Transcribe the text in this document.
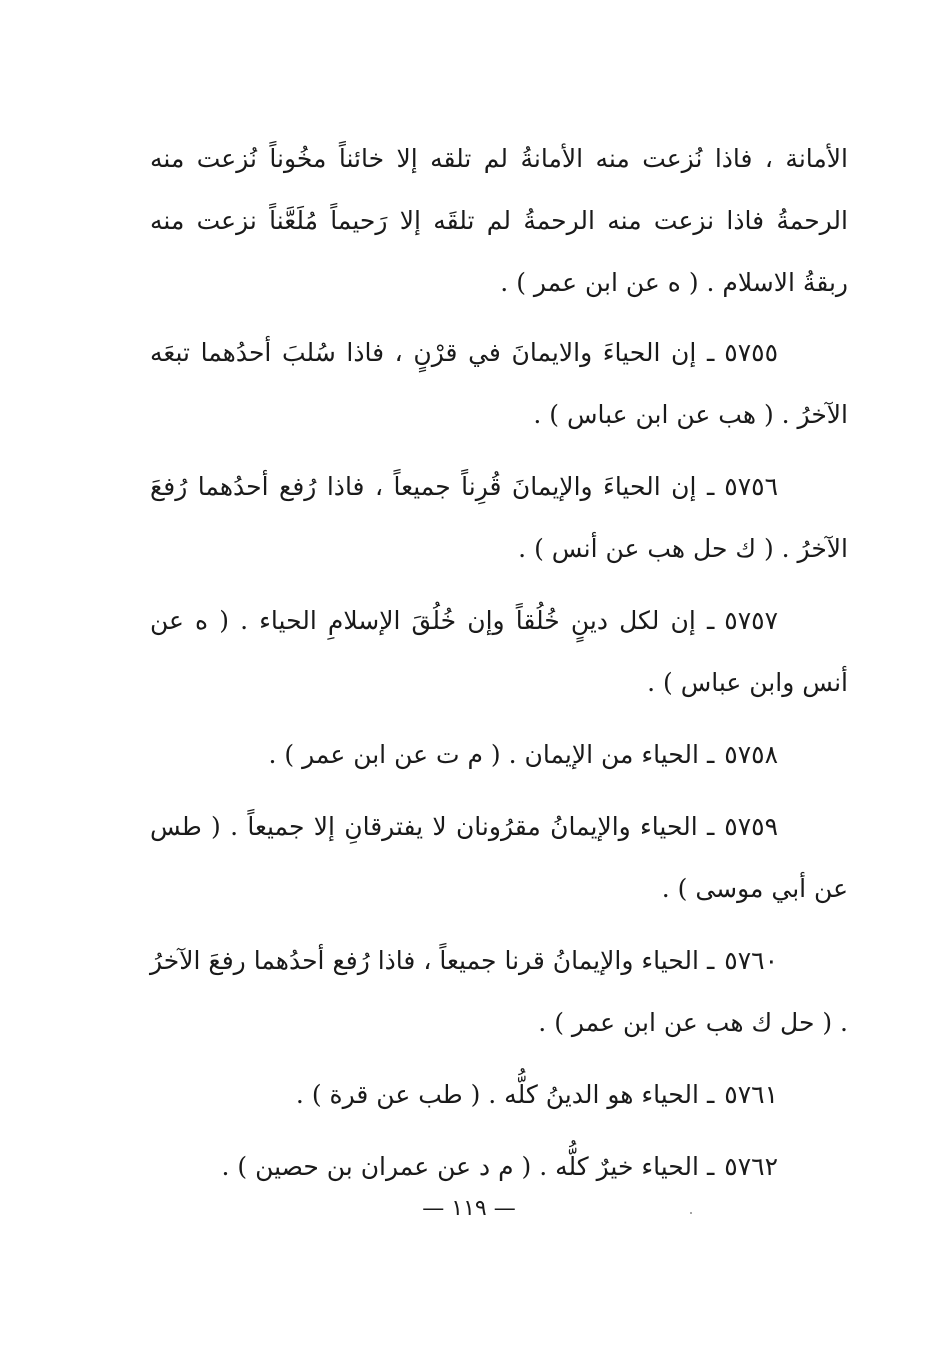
الأمانة ، فاذا نُزعت منه الأمانةُ لم تلقه إلا خائناً مخُوناً نُزعت منه الرحمةُ فاذا نزعت منه الرحمةُ لم تلقَه إلا رَحيماً مُلَعَّناً نزعت منه ربقةُ الاسلام . ( ه عن ابن عمر ) .

٥٧٥٥ـ إن الحياءَ والايمانَ في قرْنٍ ، فاذا سُلبَ أحدُهما تبعَه الآخرُ . ( هب عن ابن عباس ) .

٥٧٥٦ـ إن الحياءَ والإيمانَ قُرِناً جميعاً ، فاذا رُفع أحدُهما رُفعَ الآخرُ . ( ك حل هب عن أنس ) .

٥٧٥٧ـ إن لكل دينٍ خُلُقاً وإن خُلُقَ الإسلامِ الحياء . ( ه عن أنس وابن عباس ) .

٥٧٥٨ـ الحياء من الإيمان . ( م ت عن ابن عمر ) .

٥٧٥٩ـ الحياء والإيمانُ مقرُونان لا يفترقانِ إلا جميعاً . ( طس عن أبي موسى ) .

٥٧٦٠ـ الحياء والإيمانُ قرنا جميعاً ، فاذا رُفع أحدُهما رفعَ الآخرُ . ( حل ك هب عن ابن عمر ) .

٥٧٦١ـ الحياء هو الدينُ كلُّه . ( طب عن قرة ) .

٥٧٦٢ـ الحياء خيرٌ كلُّه . ( م د عن عمران بن حصين ) .

— ١١٩ —
